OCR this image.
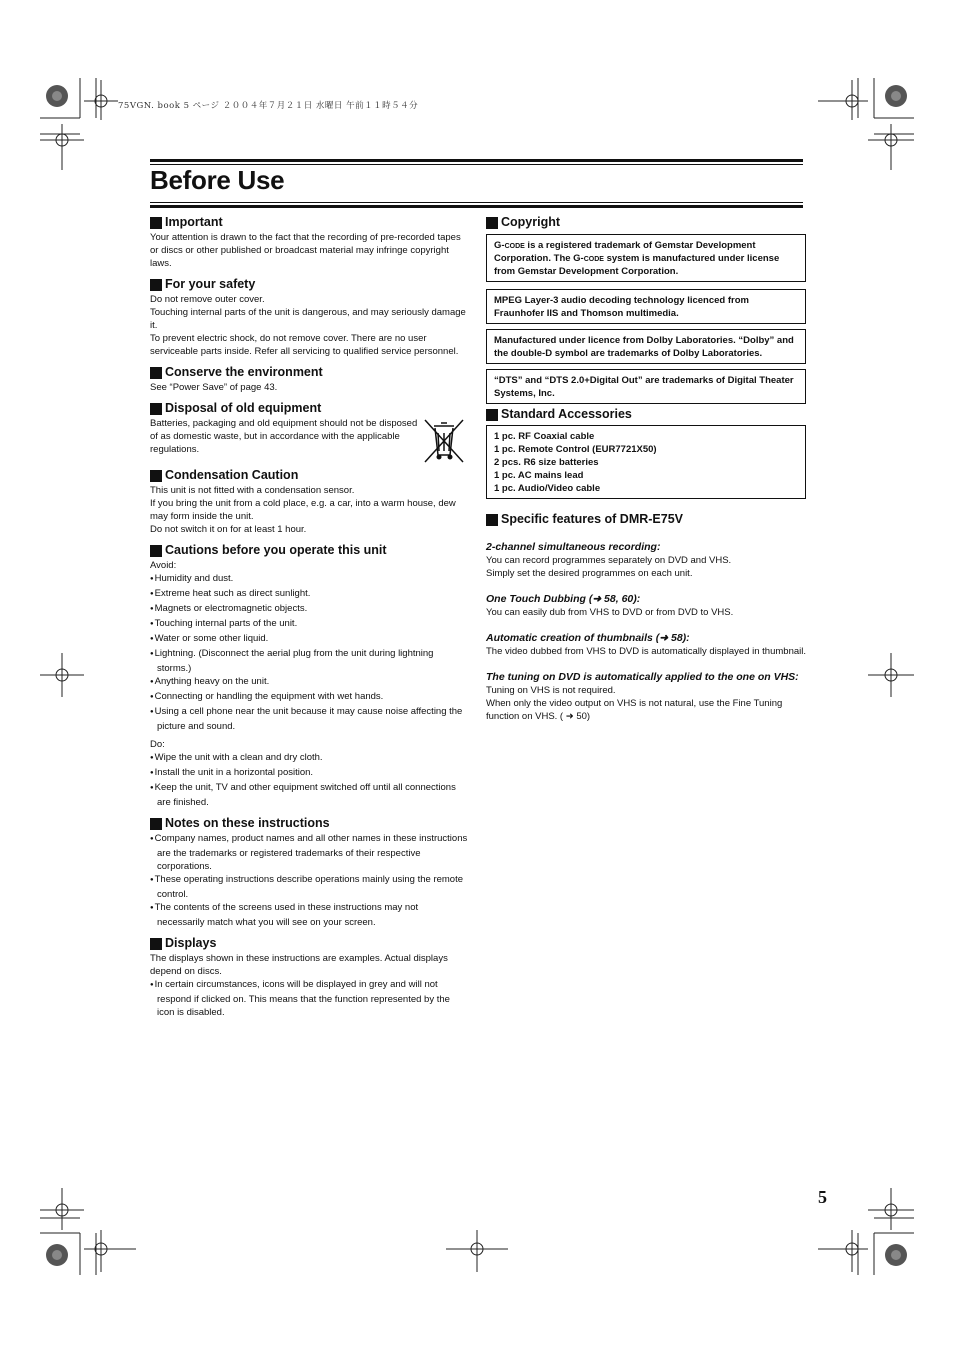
75VGN. book 5 ページ ２００４年７月２１日 水曜日 午前１１時５４分
Before Use
Important

Your attention is drawn to the fact that the recording of pre-recorded tapes or discs or other published or broadcast material may infringe copyright laws.

For your safety

Do not remove outer cover.

Touching internal parts of the unit is dangerous, and may seriously damage it.

To prevent electric shock, do not remove cover. There are no user serviceable parts inside. Refer all servicing to qualified service personnel.

Conserve the environment

See “Power Save” of page 43.

Disposal of old equipment

Batteries, packaging and old equipment should not be disposed of as domestic waste, but in accordance with the applicable regulations.

Condensation Caution

This unit is not fitted with a condensation sensor.

If you bring the unit from a cold place, e.g. a car, into a warm house, dew may form inside the unit.

Do not switch it on for at least 1 hour.

Cautions before you operate this unit

Avoid:

● Humidity and dust.
● Extreme heat such as direct sunlight.
● Magnets or electromagnetic objects.
● Touching internal parts of the unit.
● Water or some other liquid.
● Lightning. (Disconnect the aerial plug from the unit during lightning storms.)
● Anything heavy on the unit.
● Connecting or handling the equipment with wet hands.
● Using a cell phone near the unit because it may cause noise affecting the picture and sound.

Do:

● Wipe the unit with a clean and dry cloth.
● Install the unit in a horizontal position.
● Keep the unit, TV and other equipment switched off until all connections are finished.
Notes on these instructions
● Company names, product names and all other names in these instructions are the trademarks or registered trademarks of their respective corporations.
● These operating instructions describe operations mainly using the remote control.
● The contents of the screens used in these instructions may not necessarily match what you will see on your screen.
Displays

The displays shown in these instructions are examples. Actual displays depend on discs.

● In certain circumstances, icons will be displayed in grey and will not respond if clicked on. This means that the function represented by the icon is disabled.
Copyright

G-code is a registered trademark of Gemstar Development Corporation. The G-code system is manufactured under license from Gemstar Development Corporation.

MPEG Layer-3 audio decoding technology licenced from Fraunhofer IIS and Thomson multimedia.

Manufactured under licence from Dolby Laboratories. “Dolby” and the double-D symbol are trademarks of Dolby Laboratories.

“DTS” and “DTS 2.0+Digital Out” are trademarks of Digital Theater Systems, Inc.

Standard Accessories

1 pc. RF Coaxial cable

1 pc. Remote Control (EUR7721X50)

2 pcs. R6 size batteries

1 pc. AC mains lead

1 pc. Audio/Video cable

Specific features of DMR-E75V

2-channel simultaneous recording:

You can record programmes separately on DVD and VHS.

Simply set the desired programmes on each unit.

One Touch Dubbing (➜ 58, 60):

You can easily dub from VHS to DVD or from DVD to VHS.

Automatic creation of thumbnails (➜ 58):

The video dubbed from VHS to DVD is automatically displayed in thumbnail.

The tuning on DVD is automatically applied to the one on VHS:

Tuning on VHS is not required.

When only the video output on VHS is not natural, use the Fine Tuning function on VHS. ( ➜ 50)

5
